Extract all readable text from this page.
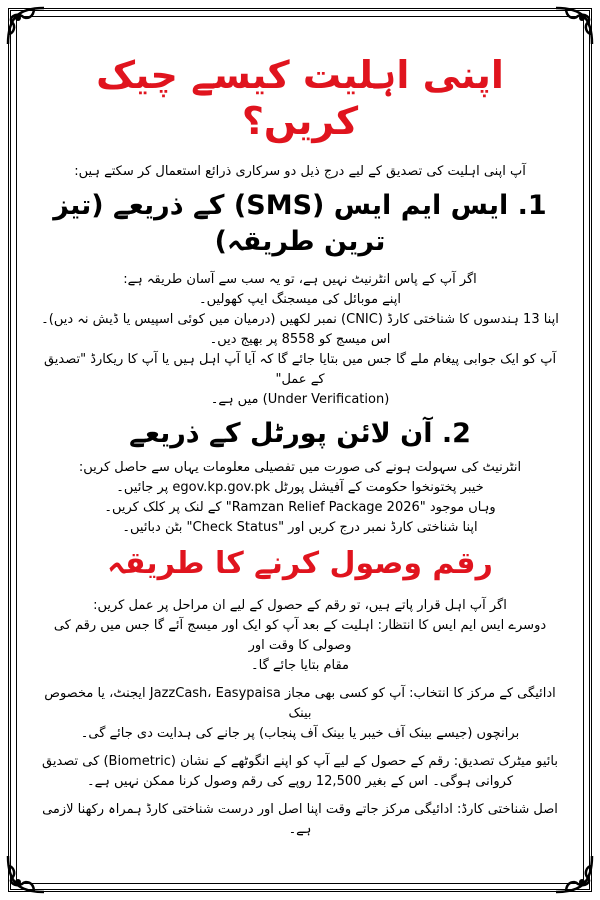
اپنی اہلیت کیسے چیک کریں؟

آپ اپنی اہلیت کی تصدیق کے لیے درج ذیل دو سرکاری ذرائع استعمال کر سکتے ہیں:

1. ایس ایم ایس (SMS) کے ذریعے (تیز ترین طریقہ)

اگر آپ کے پاس انٹرنیٹ نہیں ہے، تو یہ سب سے آسان طریقہ ہے:

اپنے موبائل کی میسجنگ ایپ کھولیں۔

اپنا 13 ہندسوں کا شناختی کارڈ (CNIC) نمبر لکھیں (درمیان میں کوئی اسپیس یا ڈیش نہ دیں)۔

اس میسج کو 8558 پر بھیج دیں۔

آپ کو ایک جوابی پیغام ملے گا جس میں بتایا جائے گا کہ آیا آپ اہل ہیں یا آپ کا ریکارڈ "تصدیق کے عمل"

(Under Verification) میں ہے۔

2. آن لائن پورٹل کے ذریعے

انٹرنیٹ کی سہولت ہونے کی صورت میں تفصیلی معلومات یہاں سے حاصل کریں:

خیبر پختونخوا حکومت کے آفیشل پورٹل egov.kp.gov.pk پر جائیں۔

وہاں موجود "Ramzan Relief Package 2026" کے لنک پر کلک کریں۔

اپنا شناختی کارڈ نمبر درج کریں اور "Check Status" بٹن دبائیں۔

رقم وصول کرنے کا طریقہ

اگر آپ اہل قرار پاتے ہیں، تو رقم کے حصول کے لیے ان مراحل پر عمل کریں:

دوسرے ایس ایم ایس کا انتظار: اہلیت کے بعد آپ کو ایک اور میسج آئے گا جس میں رقم کی وصولی کا وقت اور

مقام بتایا جائے گا۔

ادائیگی کے مرکز کا انتخاب: آپ کو کسی بھی مجاز JazzCash، Easypaisa ایجنٹ، یا مخصوص بینک

برانچوں (جیسے بینک آف خیبر یا بینک آف پنجاب) پر جانے کی ہدایت دی جائے گی۔

بائیو میٹرک تصدیق: رقم کے حصول کے لیے آپ کو اپنے انگوٹھے کے نشان (Biometric) کی تصدیق

کروانی ہوگی۔ اس کے بغیر 12,500 روپے کی رقم وصول کرنا ممکن نہیں ہے۔

اصل شناختی کارڈ: ادائیگی مرکز جاتے وقت اپنا اصل اور درست شناختی کارڈ ہمراہ رکھنا لازمی ہے۔
